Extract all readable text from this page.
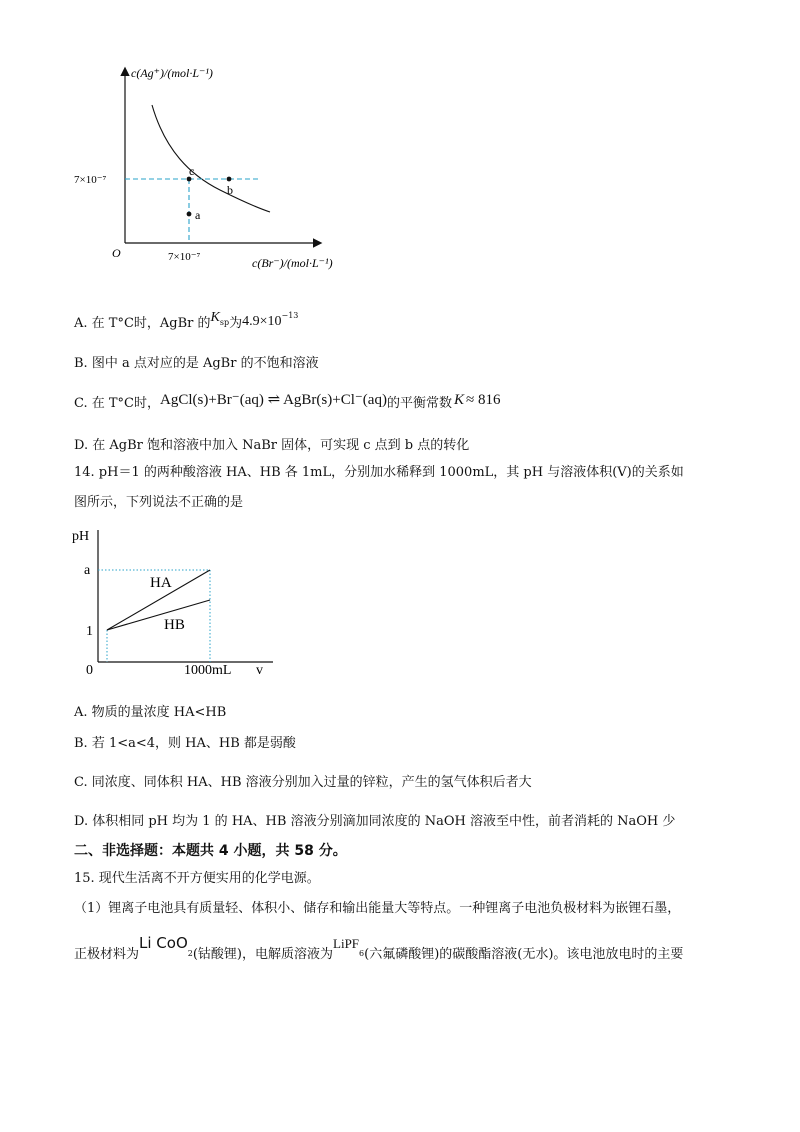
c
b
a
c(Ag⁺)/(mol·L⁻¹)
c(Br⁻)/(mol·L⁻¹)
O
7×10⁻⁷
7×10⁻⁷
A. 在 T°C时，AgBr 的$K_{sp}$为$4.9\times 10^{-13}$
B. 图中 a 点对应的是 AgBr 的不饱和溶液
C. 在 T°C时，AgCl(s)+Br⁻(aq) ⇌ AgBr(s)+Cl⁻(aq)的平衡常数 K ≈ 816
D. 在 AgBr 饱和溶液中加入 NaBr 固体，可实现 c 点到 b 点的转化
14. pH＝1 的两种酸溶液 HA、HB 各 1mL，分别加水稀释到 1000mL，其 pH 与溶液体积(V)的关系如
图所示，下列说法不正确的是
pH
a
1
0	1000mL v
HA
HB
A. 物质的量浓度 HA<HB
B. 若 1<a<4，则 HA、HB 都是弱酸
C. 同浓度、同体积 HA、HB 溶液分别加入过量的锌粒，产生的氢气体积后者大
D. 体积相同 pH 均为 1 的 HA、HB 溶液分别滴加同浓度的 NaOH 溶液至中性，前者消耗的 NaOH 少
二、非选择题：本题共 4 小题，共 58 分。
15. 现代生活离不开方便实用的化学电源。
（1）锂离子电池具有质量轻、体积小、储存和输出能量大等特点。一种锂离子电池负极材料为嵌锂石墨，
正极材料为Li CoO$_2$(钴酸锂)，电解质溶液为LiPF$_6$(六氟磷酸锂)的碳酸酯溶液(无水)。该电池放电时的主要
